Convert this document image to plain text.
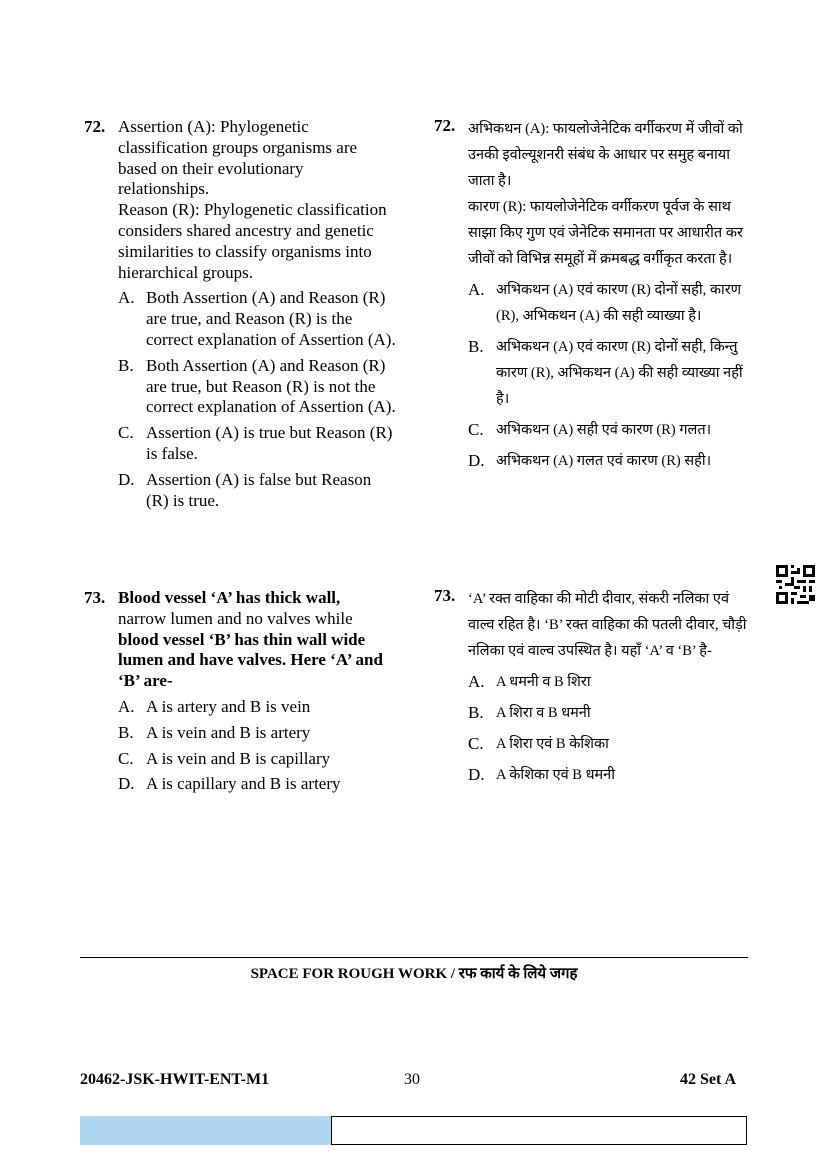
72. Assertion (A): Phylogenetic classification groups organisms are based on their evolutionary relationships.
Reason (R): Phylogenetic classification considers shared ancestry and genetic similarities to classify organisms into hierarchical groups.
A. Both Assertion (A) and Reason (R) are true, and Reason (R) is the correct explanation of Assertion (A).
B. Both Assertion (A) and Reason (R) are true, but Reason (R) is not the correct explanation of Assertion (A).
C. Assertion (A) is true but Reason (R) is false.
D. Assertion (A) is false but Reason (R) is true.
73. Blood vessel ‘A’ has thick wall,
narrow lumen and no valves while
blood vessel ‘B’ has thin wall wide lumen and have valves. Here ‘A’ and ‘B’ are-
A. A is artery and B is vein
B. A is vein and B is artery
C. A is vein and B is capillary
D. A is capillary and B is artery
72. अभिकथन (A): फायलोजेनेटिक वर्गीकरण में जीवों को उनकी इवोल्यूशनरी संबंध के आधार पर समुह बनाया जाता है।
कारण (R): फायलोजेनेटिक वर्गीकरण पूर्वज के साथ साझा किए गुण एवं जेनेटिक समानता पर आधारीत कर जीवों को विभिन्न समूहों में क्रमबद्ध वर्गीकृत करता है।
A. अभिकथन (A) एवं कारण (R) दोनों सही, कारण (R), अभिकथन (A) की सही व्याख्या है।
B. अभिकथन (A) एवं कारण (R) दोनों सही, किन्तु कारण (R), अभिकथन (A) की सही व्याख्या नहीं है।
C. अभिकथन (A) सही एवं कारण (R) गलत।
D. अभिकथन (A) गलत एवं कारण (R) सही।
73. ‘A’ रक्त वाहिका की मोटी दीवार, संकरी नलिका एवं वाल्व रहित है। ‘B’ रक्त वाहिका की पतली दीवार, चौड़ी नलिका एवं वाल्व उपस्थित है। यहाँ ‘A’ व ‘B’ है-
A. A धमनी व B शिरा
B. A शिरा व B धमनी
C. A शिरा एवं B केशिका
D. A केशिका एवं B धमनी
SPACE FOR ROUGH WORK / रफ कार्य के लिये जगह
20462-JSK-HWIT-ENT-M1	30	42 Set A
